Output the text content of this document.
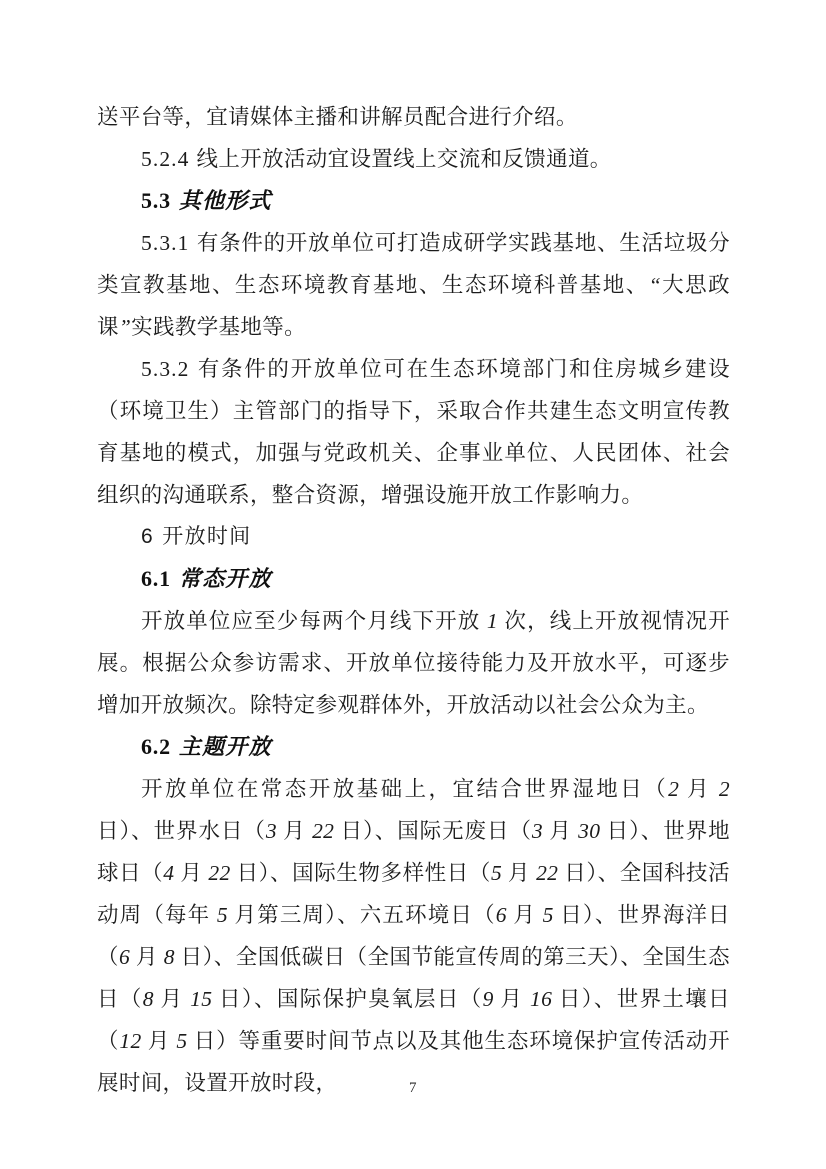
送平台等，宜请媒体主播和讲解员配合进行介绍。

5.2.4 线上开放活动宜设置线上交流和反馈通道。

5.3 其他形式

5.3.1 有条件的开放单位可打造成研学实践基地、生活垃圾分类宣教基地、生态环境教育基地、生态环境科普基地、“大思政课”实践教学基地等。

5.3.2 有条件的开放单位可在生态环境部门和住房城乡建设（环境卫生）主管部门的指导下，采取合作共建生态文明宣传教育基地的模式，加强与党政机关、企事业单位、人民团体、社会组织的沟通联系，整合资源，增强设施开放工作影响力。

6 开放时间

6.1 常态开放

开放单位应至少每两个月线下开放 1 次，线上开放视情况开展。根据公众参访需求、开放单位接待能力及开放水平，可逐步增加开放频次。除特定参观群体外，开放活动以社会公众为主。

6.2 主题开放

开放单位在常态开放基础上，宜结合世界湿地日（2 月 2 日）、世界水日（3 月 22 日）、国际无废日（3 月 30 日）、世界地球日（4 月 22 日）、国际生物多样性日（5 月 22 日）、全国科技活动周（每年 5 月第三周）、六五环境日（6 月 5 日）、世界海洋日（6 月 8 日）、全国低碳日（全国节能宣传周的第三天）、全国生态日（8 月 15 日）、国际保护臭氧层日（9 月 16 日）、世界土壤日（12 月 5 日）等重要时间节点以及其他生态环境保护宣传活动开展时间，设置开放时段，	7
